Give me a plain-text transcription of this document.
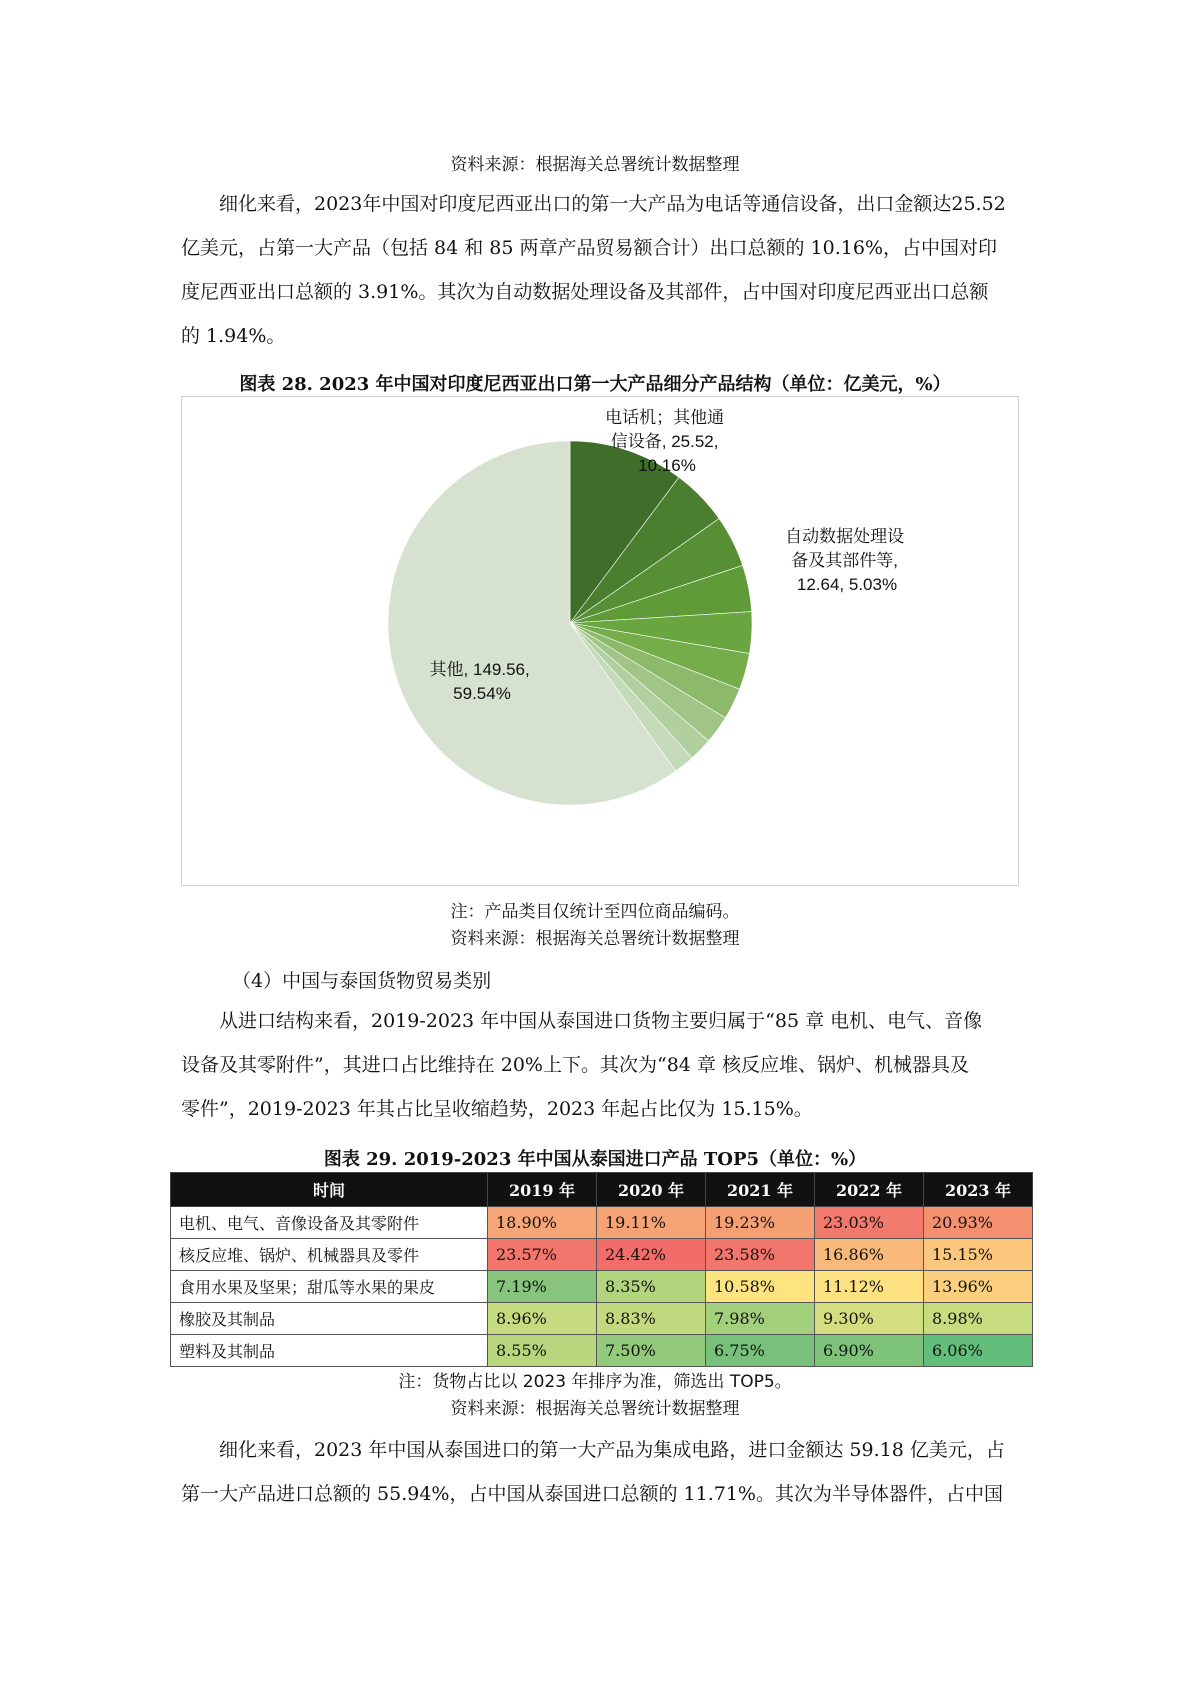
资料来源：根据海关总署统计数据整理

细化来看，2023年中国对印度尼西亚出口的第一大产品为电话等通信设备，出口金额达25.52

亿美元，占第一大产品（包括 84 和 85 两章产品贸易额合计）出口总额的 10.16%，占中国对印

度尼西亚出口总额的 3.91%。其次为自动数据处理设备及其部件，占中国对印度尼西亚出口总额

的 1.94%。

图表 28. 2023 年中国对印度尼西亚出口第一大产品细分产品结构（单位：亿美元，%）
电话机；其他通 信设备, 25.52, 10.16%
自动数据处理设 备及其部件等, 12.64, 5.03%
其他, 149.56, 59.54%
注：产品类目仅统计至四位商品编码。
资料来源：根据海关总署统计数据整理
（4）中国与泰国货物贸易类别

从进口结构来看，2019-2023 年中国从泰国进口货物主要归属于“85 章 电机、电气、音像

设备及其零附件”，其进口占比维持在 20%上下。其次为“84 章 核反应堆、锅炉、机械器具及

零件”，2019-2023 年其占比呈收缩趋势，2023 年起占比仅为 15.15%。

图表 29. 2019-2023 年中国从泰国进口产品 TOP5（单位：%）
时间	2019 年	2020 年	2021 年	2022 年	2023 年
电机、电气、音像设备及其零附件	18.90%	19.11%	19.23%	23.03%	20.93%
核反应堆、锅炉、机械器具及零件	23.57%	24.42%	23.58%	16.86%	15.15%
食用水果及坚果；甜瓜等水果的果皮	7.19%	8.35%	10.58%	11.12%	13.96%
橡胶及其制品	8.96%	8.83%	7.98%	9.30%	8.98%
塑料及其制品	8.55%	7.50%	6.75%	6.90%	6.06%
注：货物占比以 2023 年排序为准，筛选出 TOP5。
资料来源：根据海关总署统计数据整理

细化来看，2023 年中国从泰国进口的第一大产品为集成电路，进口金额达 59.18 亿美元，占

第一大产品进口总额的 55.94%，占中国从泰国进口总额的 11.71%。其次为半导体器件，占中国
